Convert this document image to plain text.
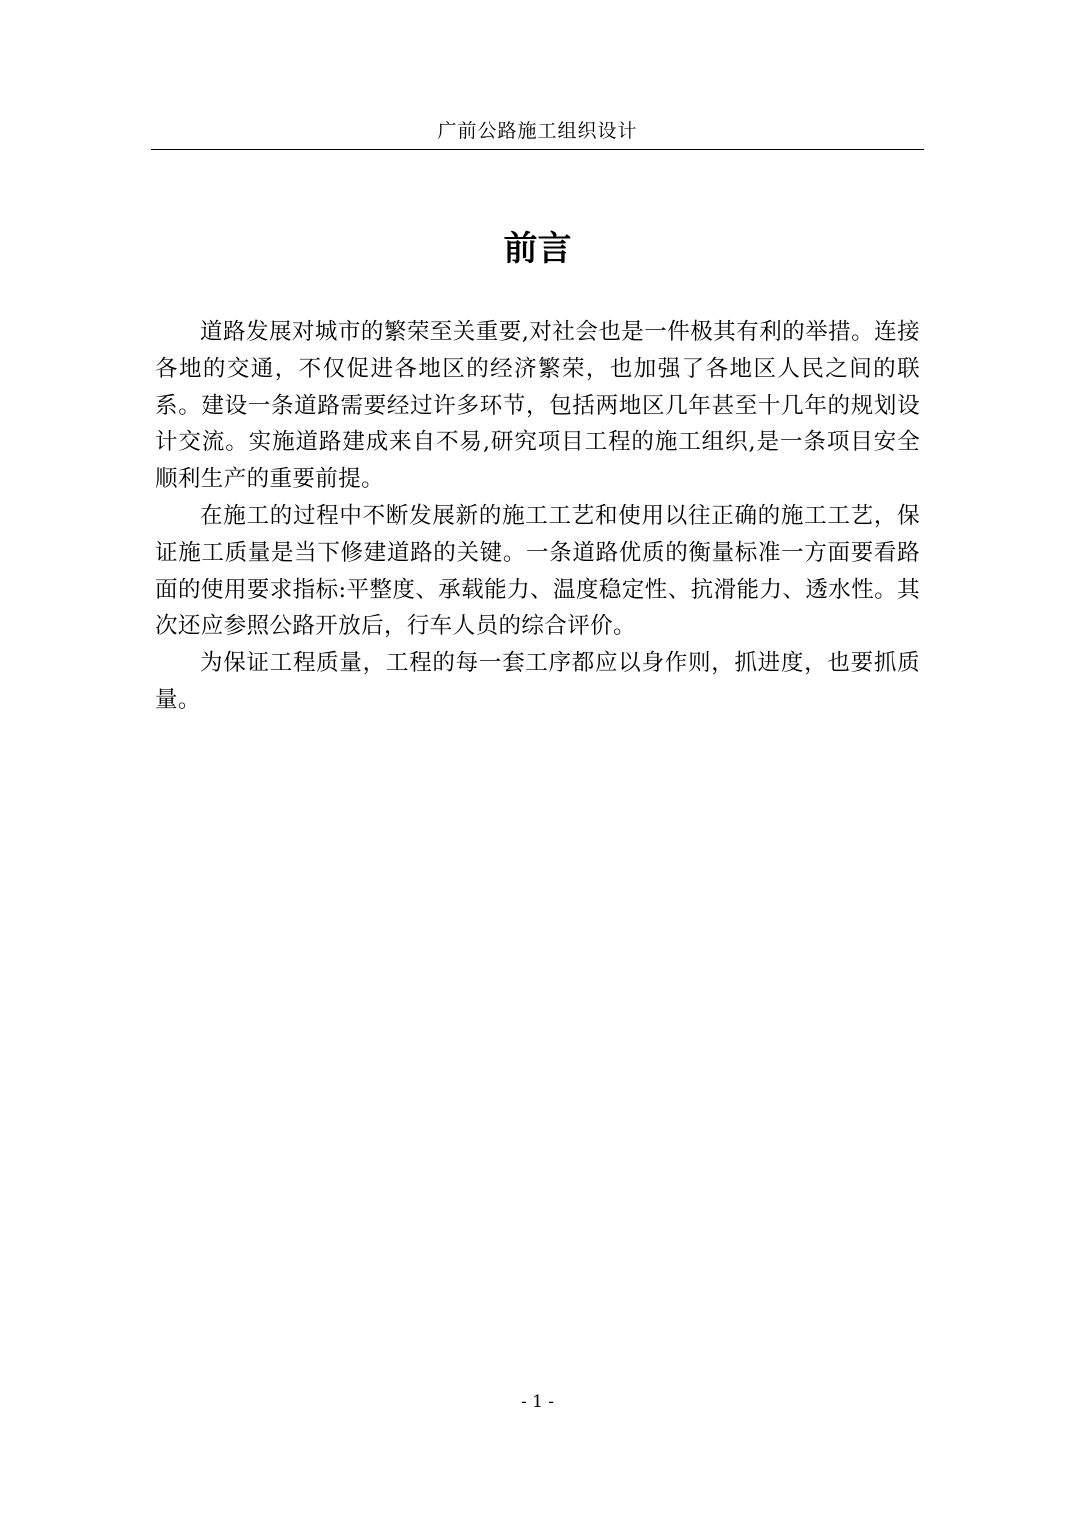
广前公路施工组织设计
前言

道路发展对城市的繁荣至关重要,对社会也是一件极其有利的举措。连接各地的交通，不仅促进各地区的经济繁荣，也加强了各地区人民之间的联系。建设一条道路需要经过许多环节，包括两地区几年甚至十几年的规划设计交流。实施道路建成来自不易,研究项目工程的施工组织,是一条项目安全顺利生产的重要前提。

在施工的过程中不断发展新的施工工艺和使用以往正确的施工工艺，保证施工质量是当下修建道路的关键。一条道路优质的衡量标准一方面要看路面的使用要求指标:平整度、承载能力、温度稳定性、抗滑能力、透水性。其次还应参照公路开放后，行车人员的综合评价。

为保证工程质量，工程的每一套工序都应以身作则，抓进度，也要抓质量。

- 1 -
